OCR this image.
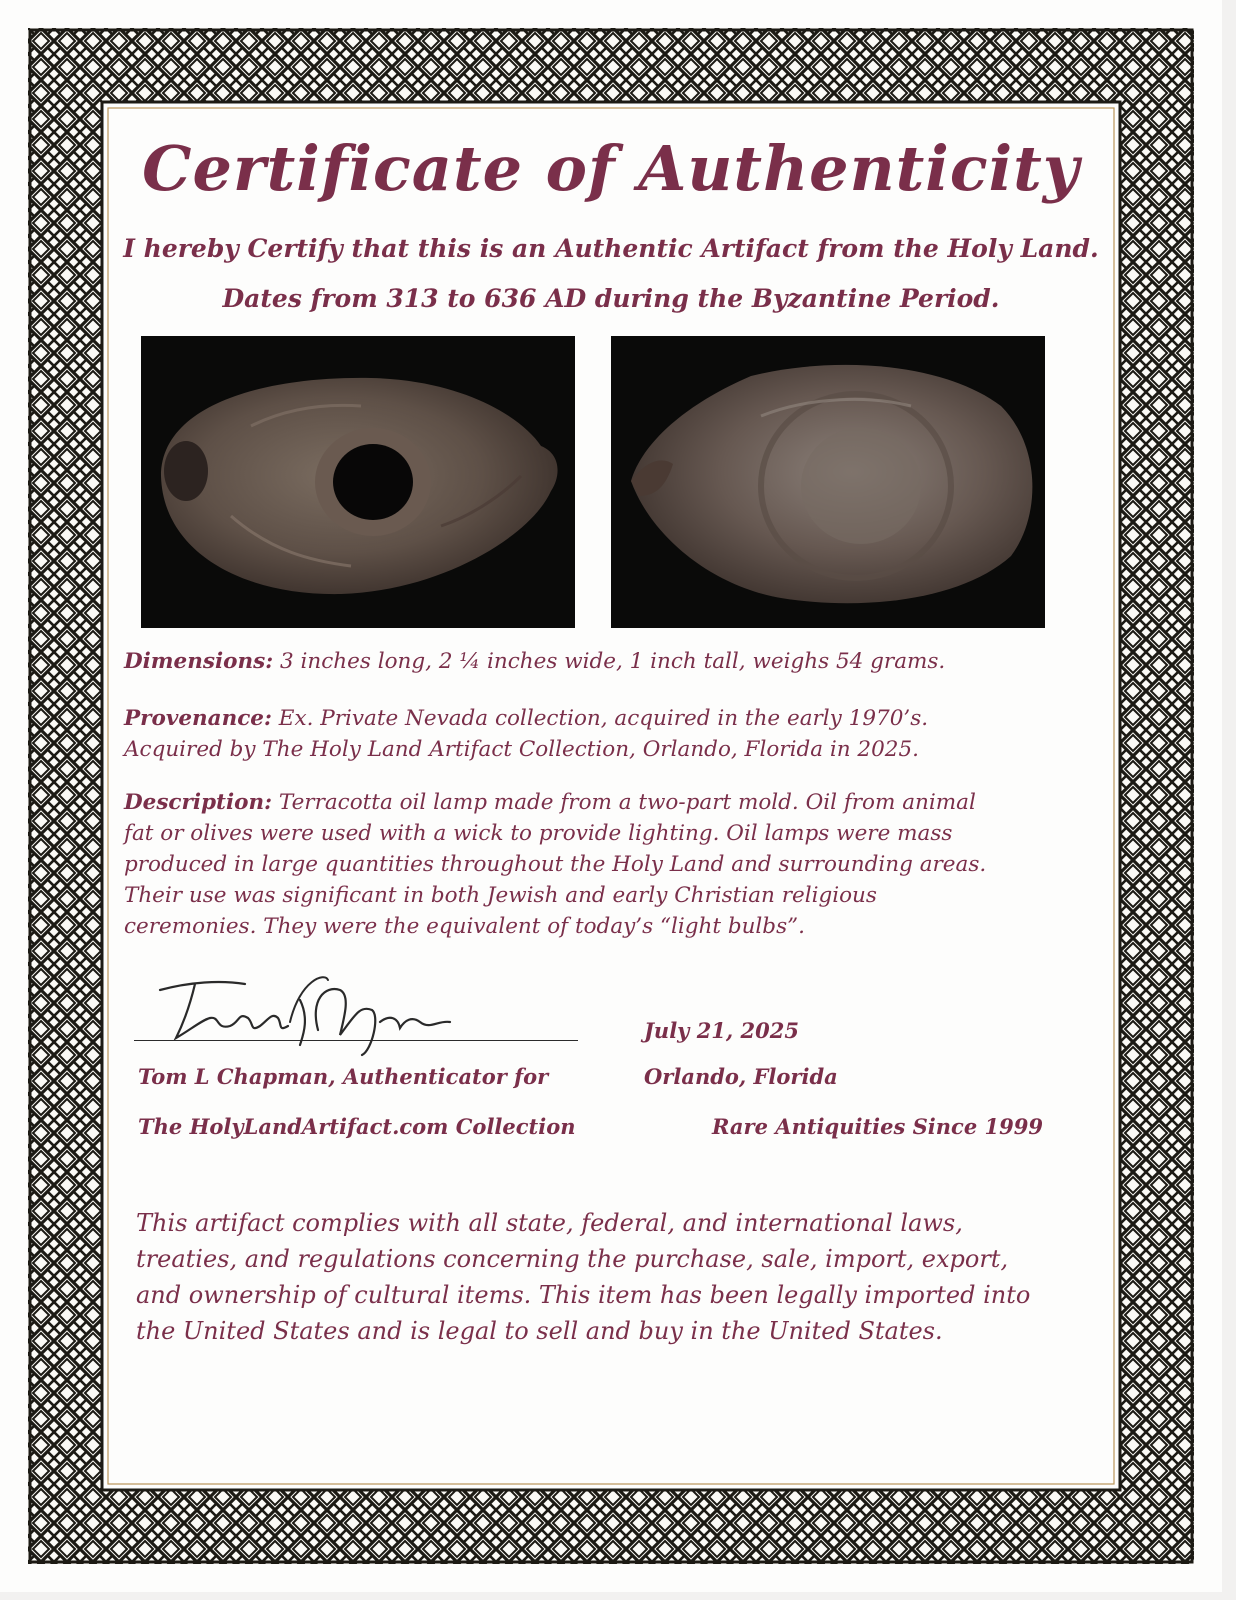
Certificate of Authenticity
I hereby Certify that this is an Authentic Artifact from the Holy Land.
Dates from 313 to 636 AD during the Byzantine Period.
Dimensions: 3 inches long, 2 ¼ inches wide, 1 inch tall, weighs 54 grams.
Provenance: Ex. Private Nevada collection, acquired in the early 1970’s.
Acquired by The Holy Land Artifact Collection, Orlando, Florida in 2025.
Description: Terracotta oil lamp made from a two-part mold. Oil from animal
fat or olives were used with a wick to provide lighting. Oil lamps were mass
produced in large quantities throughout the Holy Land and surrounding areas.
Their use was significant in both Jewish and early Christian religious
ceremonies. They were the equivalent of today’s “light bulbs”.
Tom L Chapman, Authenticator for
The HolyLandArtifact.com Collection
July 21, 2025
Orlando, Florida
Rare Antiquities Since 1999
This artifact complies with all state, federal, and international laws,
treaties, and regulations concerning the purchase, sale, import, export,
and ownership of cultural items. This item has been legally imported into
the United States and is legal to sell and buy in the United States.
